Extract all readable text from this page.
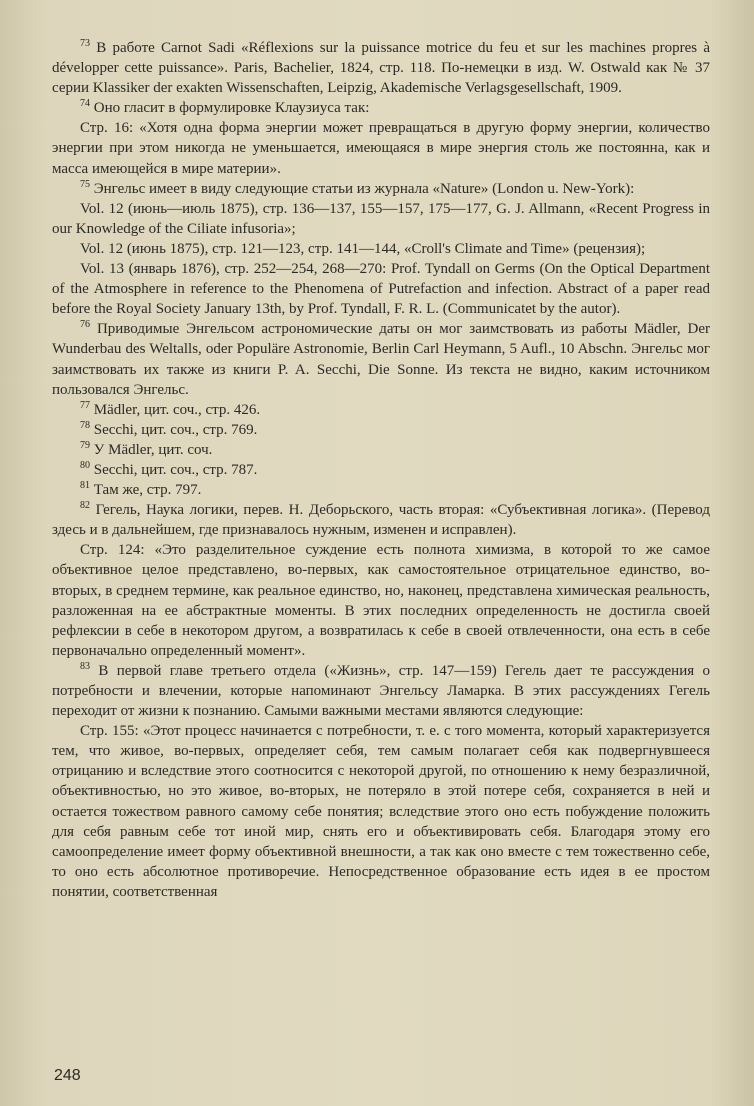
$^{73}$ В работе Carnot Sadi «Réflexions sur la puissance motrice du feu et sur les machines propres à développer cette puissance». Paris, Bachelier, 1824, стр. 118. По-немецки в изд. W. Ostwald как № 37 серии Klassiker der exakten Wissenschaften, Leipzig, Akademische Verlagsgesellschaft, 1909.

$^{74}$ Оно гласит в формулировке Клаузиуса так:

Стр. 16: «Хотя одна форма энергии может превращаться в другую форму энергии, количество энергии при этом никогда не уменьшается, имеющаяся в мире энергия столь же постоянна, как и масса имеющейся в мире материи».

$^{75}$ Энгельс имеет в виду следующие статьи из журнала «Nature» (London u. New-York):

Vol. 12 (июнь—июль 1875), стр. 136—137, 155—157, 175—177, G. J. Allmann, «Recent Progress in our Knowledge of the Ciliate infusoria»;

Vol. 12 (июнь 1875), стр. 121—123, стр. 141—144, «Croll's Climate and Time» (рецензия);

Vol. 13 (январь 1876), стр. 252—254, 268—270: Prof. Tyndall on Germs (On the Optical Department of the Atmosphere in reference to the Phenomena of Putrefaction and infection. Abstract of a paper read before the Royal Society January 13th, by Prof. Tyndall, F. R. L. (Communicatet by the autor).

$^{76}$ Приводимые Энгельсом астрономические даты он мог заимствовать из работы Mädler, Der Wunderbau des Weltalls, oder Populäre Astronomie, Berlin Carl Heymann, 5 Aufl., 10 Abschn. Энгельс мог заимствовать их также из книги P. A. Secchi, Die Sonne. Из текста не видно, каким источником пользовался Энгельс.

$^{77}$ Mädler, цит. соч., стр. 426.

$^{78}$ Secchi, цит. соч., стр. 769.

$^{79}$ У Mädler, цит. соч.

$^{80}$ Secchi, цит. соч., стр. 787.

$^{81}$ Там же, стр. 797.

$^{82}$ Гегель, Наука логики, перев. Н. Деборьского, часть вторая: «Субъективная логика». (Перевод здесь и в дальнейшем, где признавалось нужным, изменен и исправлен).

Стр. 124: «Это разделительное суждение есть полнота химизма, в которой то же самое объективное целое представлено, во-первых, как самостоятельное отрицательное единство, во-вторых, в среднем термине, как реальное единство, но, наконец, представлена химическая реальность, разложенная на ее абстрактные моменты. В этих последних определенность не достигла своей рефлексии в себе в некотором другом, а возвратилась к себе в своей отвлеченности, она есть в себе первоначально определенный момент».

$^{83}$ В первой главе третьего отдела («Жизнь», стр. 147—159) Гегель дает те рассуждения о потребности и влечении, которые напоминают Энгельсу Ламарка. В этих рассуждениях Гегель переходит от жизни к познанию. Самыми важными местами являются следующие:

Стр. 155: «Этот процесс начинается с потребности, т. е. с того момента, который характеризуется тем, что живое, во-первых, определяет себя, тем самым полагает себя как подвергнувшееся отрицанию и вследствие этого соотносится с некоторой другой, по отношению к нему безразличной, объективностью, но это живое, во-вторых, не потеряло в этой потере себя, сохраняется в ней и остается тожеством равного самому себе понятия; вследствие этого оно есть побуждение положить для себя равным себе тот иной мир, снять его и объективировать себя. Благодаря этому его самоопределение имеет форму объективной внешности, а так как оно вместе с тем тожественно себе, то оно есть абсолютное противоречие. Непосредственное образование есть идея в ее простом понятии, соответственная

248
